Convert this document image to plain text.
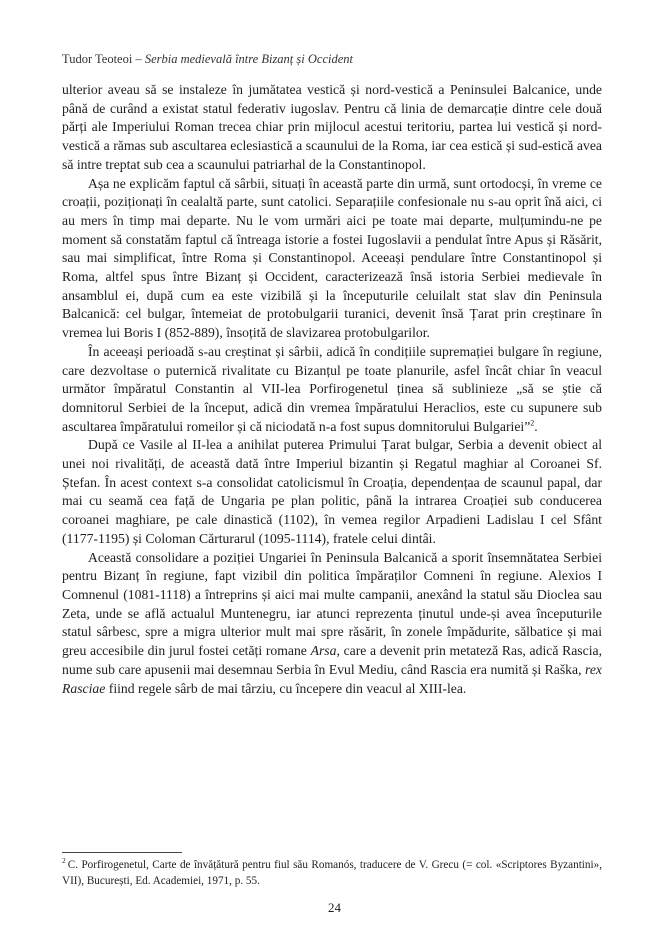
Tudor Teoteoi – Serbia medievală între Bizanț și Occident

ulterior aveau să se instaleze în jumătatea vestică și nord-vestică a Peninsulei Balcanice, unde până de curând a existat statul federativ iugoslav. Pentru că linia de demarcație dintre cele două părți ale Imperiului Roman trecea chiar prin mijlocul acestui teritoriu, partea lui vestică și nord-vestică a rămas sub ascultarea eclesiastică a scaunului de la Roma, iar cea estică și sud-estică avea să intre treptat sub cea a scaunului patriarhal de la Constantinopol.

Așa ne explicăm faptul că sârbii, situați în această parte din urmă, sunt ortodocși, în vreme ce croații, poziționați în cealaltă parte, sunt catolici. Separațiile confesionale nu s-au oprit înă aici, ci au mers în timp mai departe. Nu le vom urmări aici pe toate mai departe, mulțumindu-ne pe moment să constatăm faptul că întreaga istorie a fostei Iugoslavii a pendulat între Apus și Răsărit, sau mai simplificat, între Roma și Constantinopol. Aceeași pendulare între Constantinopol și Roma, altfel spus între Bizanț și Occident, caracterizează însă istoria Serbiei medievale în ansamblul ei, după cum ea este vizibilă și la începuturile celuilalt stat slav din Peninsula Balcanică: cel bulgar, întemeiat de protobulgarii turanici, devenit însă Țarat prin creștinare în vremea lui Boris I (852-889), însoțită de slavizarea protobulgarilor.

În aceeași perioadă s-au creștinat și sârbii, adică în condițiile supremației bulgare în regiune, care dezvoltase o puternică rivalitate cu Bizanțul pe toate planurile, asfel încât chiar în veacul următor împăratul Constantin al VII-lea Porfirogenetul ținea să sublinieze „să se știe că domnitorul Serbiei de la început, adică din vremea împăratului Heraclios, este cu supunere sub ascultarea împăratului romeilor și că niciodată n-a fost supus domnitorului Bulgariei”$^2$.

După ce Vasile al II-lea a anihilat puterea Primului Țarat bulgar, Serbia a devenit obiect al unei noi rivalități, de această dată între Imperiul bizantin și Regatul maghiar al Coroanei Sf. Ștefan. În acest context s-a consolidat catolicismul în Croația, dependențaa de scaunul papal, dar mai cu seamă cea față de Ungaria pe plan politic, până la intrarea Croației sub conducerea coroanei maghiare, pe cale dinastică (1102), în vemea regilor Arpadieni Ladislau I cel Sfânt (1177-1195) și Coloman Cărturarul (1095-1114), fratele celui dintâi.

Această consolidare a poziției Ungariei în Peninsula Balcanică a sporit însemnătatea Serbiei pentru Bizanț în regiune, fapt vizibil din politica împăraților Comneni în regiune. Alexios I Comnenul (1081-1118) a întreprins și aici mai multe campanii, anexând la statul său Dioclea sau Zeta, unde se află actualul Muntenegru, iar atunci reprezenta ținutul unde-și avea începuturile statul sârbesc, spre a migra ulterior mult mai spre răsărit, în zonele împădurite, sălbatice și mai greu accesibile din jurul fostei cetăți romane Arsa, care a devenit prin metateză Ras, adică Rascia, nume sub care apusenii mai desemnau Serbia în Evul Mediu, când Rascia era numită și Raška, rex Rasciae fiind regele sârb de mai târziu, cu începere din veacul al XIII-lea.

$^2$ C. Porfirogenetul, Carte de învățătură pentru fiul său Romanós, traducere de V. Grecu (= col. «Scriptores Byzantini», VII), București, Ed. Academiei, 1971, p. 55.
24
